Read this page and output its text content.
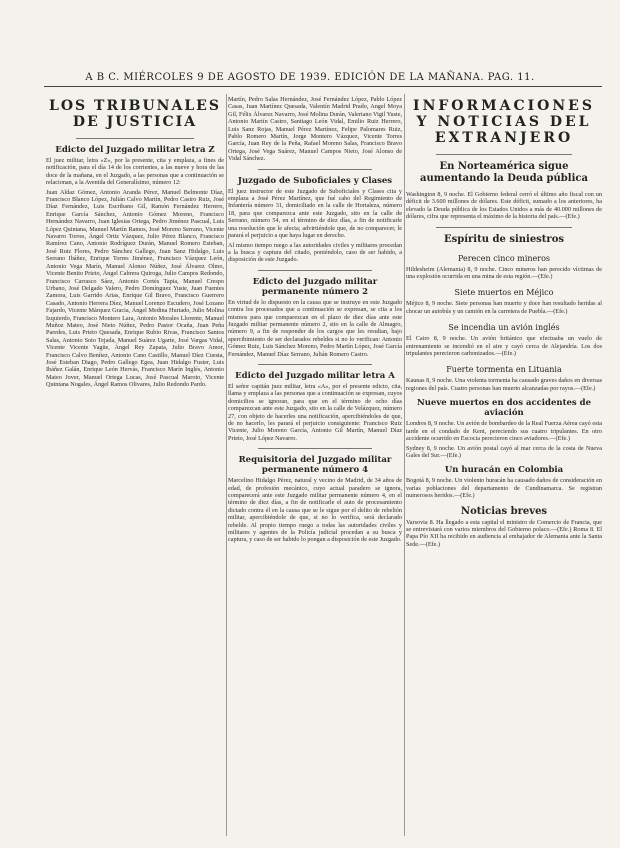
A B C. MIÉRCOLES 9 DE AGOSTO DE 1939. EDICIÓN DE LA MAÑANA. PAG. 11.
LOS TRIBUNALES DE JUSTICIA
Edicto del Juzgado militar letra Z

El juez militar, letra «Z», por la presente, cita y emplaza, a fines de notificación, para el día 14 de los corrientes, a las nueve y hora de las doce de la mañana, en el Juzgado, a las personas que a continuación se relacionan, a la Avenida del Generalísimo, número 12:

Juan Aldaz Gómez, Antonio Aranda Pérez, Manuel Belmonte Díaz, Francisco Blanco López, Julián Calvo Martín, Pedro Castro Ruiz, José Díaz Fernández, Luis Escribano Gil, Ramón Fernández Herrero, Enrique García Sánchez, Antonio Gómez Moreno, Francisco Hernández Navarro, Juan Iglesias Ortega, Pedro Jiménez Pascual, Luis López Quintana, Manuel Martín Ramos, José Moreno Serrano, Vicente Navarro Torres, Ángel Ortiz Vázquez, Julio Pérez Blanco, Francisco Ramírez Cano, Antonio Rodríguez Durán, Manuel Romero Esteban, José Ruiz Flores, Pedro Sánchez Gallego, Juan Sanz Hidalgo, Luis Serrano Ibáñez, Enrique Torres Jiménez, Francisco Vázquez León, Antonio Vega Marín, Manuel Alonso Núñez, José Álvarez Olmo, Vicente Benito Prieto, Ángel Cabrera Quiroga, Julio Campos Redondo, Francisco Carrasco Sáez, Antonio Cortés Tapia, Manuel Crespo Urbano, José Delgado Valero, Pedro Domínguez Yuste, Juan Fuentes Zamora, Luis Garrido Arias, Enrique Gil Bravo, Francisco Guerrero Casado, Antonio Herrera Díez, Manuel Lorenzo Escudero, José Lozano Fajardo, Vicente Márquez Gracia, Ángel Medina Hurtado, Julio Molina Izquierdo, Francisco Montero Lara, Antonio Morales Llorente, Manuel Muñoz Mateo, José Nieto Núñez, Pedro Pastor Ocaña, Juan Peña Paredes, Luis Prieto Quesada, Enrique Rubio Rivas, Francisco Santos Salas, Antonio Soto Tejada, Manuel Suárez Ugarte, José Vargas Vidal, Vicente Vicente Yagüe, Ángel Rey Zapata, Julio Bravo Amor, Francisco Calvo Benítez, Antonio Cano Castillo, Manuel Díez Cuesta, José Esteban Diago, Pedro Gallego Egea, Juan Hidalgo Fuster, Luis Ibáñez Galán, Enrique León Hervás, Francisco Marín Inglés, Antonio Mateo Jover, Manuel Ortega Lucas, José Pascual Maroto, Vicente Quintana Nogales, Ángel Ramos Olivares, Julio Redondo Pardo.

Martín, Pedro Salas Hernández, José Fernández López, Pablo López Casas, Juan Martínez Quesada, Valentín Madrid Prado, Angel Moya Gil, Félix Álvarez Navarro, José Molina Durán, Valeriano Vigil Yuste, Antonio Martín Castro, Santiago León Vidal, Emilio Ruiz Herrero, Luis Sanz Rojas, Manuel Pérez Martínez, Felipe Palomares Ruiz, Pablo Romero Martín, Jorge Montero Vázquez, Vicente Torres García, Juan Rey de la Peña, Rafael Moreno Salas, Francisco Bravo Ortega, José Vega Suárez, Manuel Campos Nieto, José Alonso de Vidal Sánchez.

Juzgado de Suboficiales y Clases

El juez instructor de este Juzgado de Suboficiales y Clases cita y emplaza a José Pérez Martínez, que fué cabo del Regimiento de Infantería número 31, domiciliado en la calle de Hortaleza, número 18, para que comparezca ante este Juzgado, sito en la calle de Serrano, número 54, en el término de diez días, a fin de notificarle una resolución que le afecta; advirtiéndole que, de no comparecer, le parará el perjuicio a que haya lugar en derecho.

Al mismo tiempo ruego a las autoridades civiles y militares procedan a la busca y captura del citado, poniéndolo, caso de ser habido, a disposición de este Juzgado.

Edicto del Juzgado militar permanente número 2

En virtud de lo dispuesto en la causa que se instruye en este Juzgado contra los procesados que a continuación se expresan, se cita a los mismos para que comparezcan en el plazo de diez días ante este Juzgado militar permanente número 2, sito en la calle de Almagro, número 9, a fin de responder de los cargos que les resultan, bajo apercibimiento de ser declarados rebeldes si no lo verifican: Antonio Gómez Ruiz, Luis Sánchez Moreno, Pedro Martín López, José García Fernández, Manuel Díaz Serrano, Julián Romero Castro.

Edicto del Juzgado militar letra A

El señor capitán juez militar, letra «A», por el presente edicto, cita, llama y emplaza a las personas que a continuación se expresan, cuyos domicilios se ignoran, para que en el término de ocho días comparezcan ante este Juzgado, sito en la calle de Velázquez, número 27, con objeto de hacerles una notificación, apercibiéndoles de que, de no hacerlo, les parará el perjuicio consiguiente: Francisco Ruiz Vicente, Julio Moreno García, Antonio Gil Martín, Manuel Díaz Prieto, José López Navarro.

Requisitoria del Juzgado militar permanente número 4

Marcelino Hidalgo Pérez, natural y vecino de Madrid, de 34 años de edad, de profesión mecánico, cuyo actual paradero se ignora, comparecerá ante este Juzgado militar permanente número 4, en el término de diez días, a fin de notificarle el auto de procesamiento dictado contra él en la causa que se le sigue por el delito de rebelión militar, apercibiéndole de que, si no lo verifica, será declarado rebelde. Al propio tiempo ruego a todas las autoridades civiles y militares y agentes de la Policía judicial procedan a su busca y captura, y caso de ser habido lo pongan a disposición de este Juzgado.

INFORMACIONES Y NOTICIAS DEL EXTRANJERO
En Norteamérica sigue aumentando la Deuda pública

Washington 8, 9 noche. El Gobierno federal cerró el último año fiscal con un déficit de 3.600 millones de dólares. Este déficit, sumado a los anteriores, ha elevado la Deuda pública de los Estados Unidos a más de 40.000 millones de dólares, cifra que representa el máximo de la historia del país.—(Efe.)

Espíritu de siniestros
Perecen cinco mineros

Hildesheim (Alemania) 8, 9 noche. Cinco mineros han perecido víctimas de una explosión ocurrida en una mina de esta región.—(Efe.)

Siete muertos en Méjico

Méjico 8, 9 noche. Siete personas han muerto y doce han resultado heridas al chocar un autobús y un camión en la carretera de Puebla.—(Efe.)

Se incendia un avión inglés

El Cairo 8, 9 noche. Un avión británico que efectuaba un vuelo de entrenamiento se incendió en el aire y cayó cerca de Alejandría. Los dos tripulantes perecieron carbonizados.—(Efe.)

Fuerte tormenta en Lituania

Kaunas 8, 9 noche. Una violenta tormenta ha causado graves daños en diversas regiones del país. Cuatro personas han muerto alcanzadas por rayos.—(Efe.)

Nueve muertos en dos accidentes de aviación

Londres 8, 9 noche. Un avión de bombardeo de la Real Fuerza Aérea cayó esta tarde en el condado de Kent, pereciendo sus cuatro tripulantes. En otro accidente ocurrido en Escocia perecieron cinco aviadores.—(Efe.)

Sydney 8, 9 noche. Un avión postal cayó al mar cerca de la costa de Nueva Gales del Sur.—(Efe.)

Un huracán en Colombia

Bogotá 8, 9 noche. Un violento huracán ha causado daños de consideración en varias poblaciones del departamento de Cundinamarca. Se registran numerosos heridos.—(Efe.)

Noticias breves

Varsovia 8. Ha llegado a esta capital el ministro de Comercio de Francia, que se entrevistará con varios miembros del Gobierno polaco.—(Efe.) Roma 8. El Papa Pío XII ha recibido en audiencia al embajador de Alemania ante la Santa Sede.—(Efe.)
